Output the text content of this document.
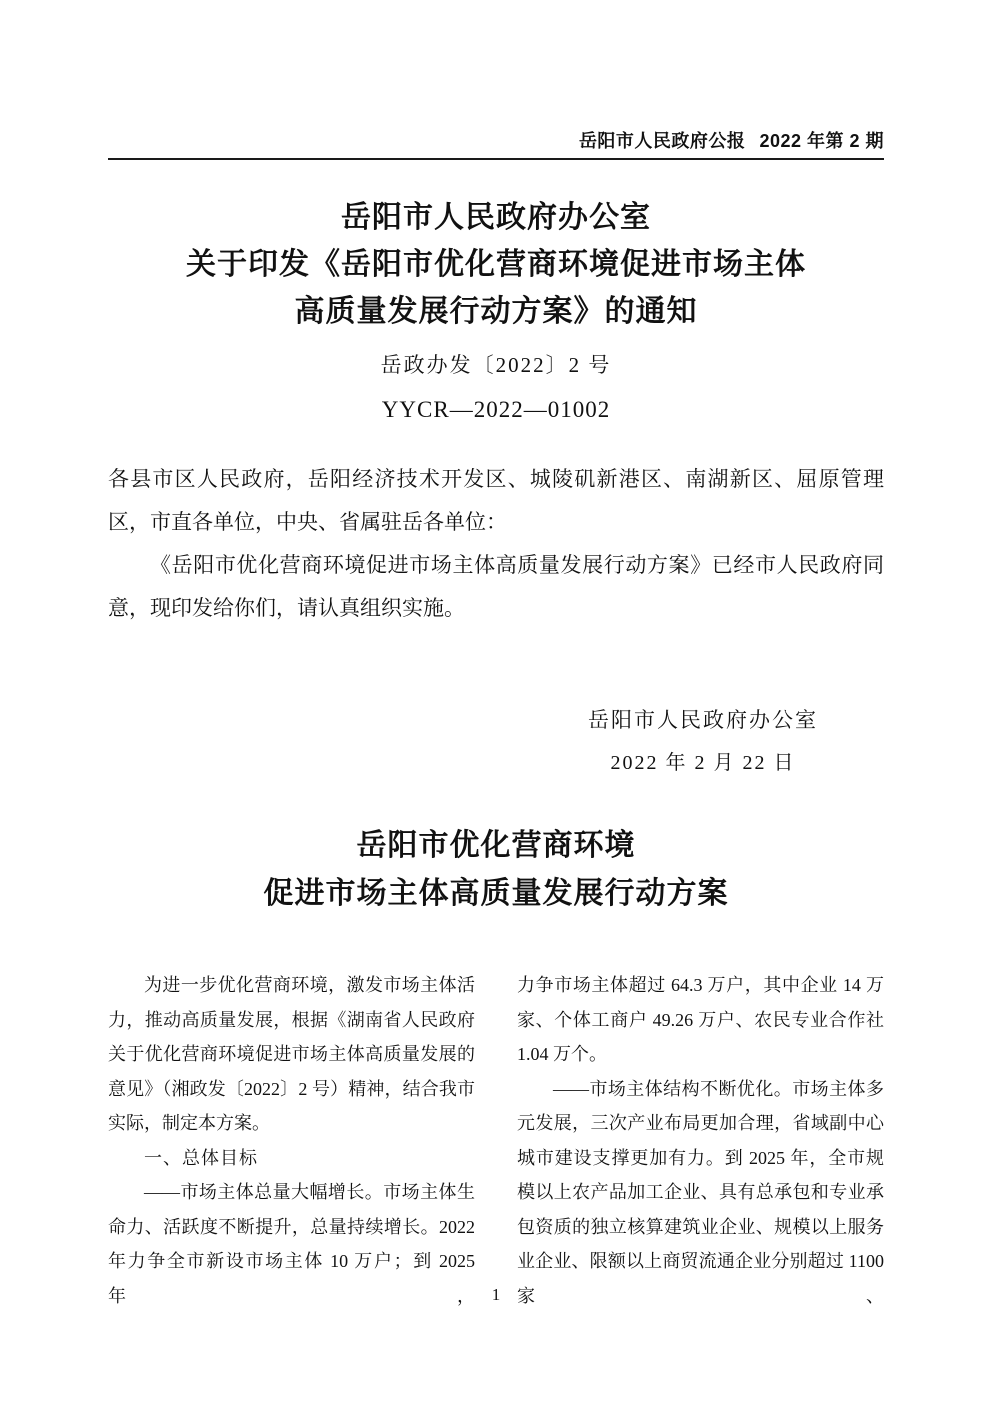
岳阳市人民政府公报 2022 年第 2 期
岳阳市人民政府办公室
关于印发《岳阳市优化营商环境促进市场主体
高质量发展行动方案》的通知
岳政办发〔2022〕2 号
YYCR—2022—01002

各县市区人民政府，岳阳经济技术开发区、城陵矶新港区、南湖新区、屈原管理区，市直各单位，中央、省属驻岳各单位：

《岳阳市优化营商环境促进市场主体高质量发展行动方案》已经市人民政府同意，现印发给你们，请认真组织实施。

岳阳市人民政府办公室
2022 年 2 月 22 日
岳阳市优化营商环境
促进市场主体高质量发展行动方案

为进一步优化营商环境，激发市场主体活力，推动高质量发展，根据《湖南省人民政府关于优化营商环境促进市场主体高质量发展的意见》（湘政发〔2022〕2 号）精神，结合我市实际，制定本方案。

一、总体目标

——市场主体总量大幅增长。市场主体生命力、活跃度不断提升，总量持续增长。2022 年力争全市新设市场主体 10 万户；到 2025 年，

力争市场主体超过 64.3 万户，其中企业 14 万家、个体工商户 49.26 万户、农民专业合作社 1.04 万个。

——市场主体结构不断优化。市场主体多元发展，三次产业布局更加合理，省域副中心城市建设支撑更加有力。到 2025 年，全市规模以上农产品加工企业、具有总承包和专业承包资质的独立核算建筑业企业、规模以上服务业企业、限额以上商贸流通企业分别超过 1100 家、

1
